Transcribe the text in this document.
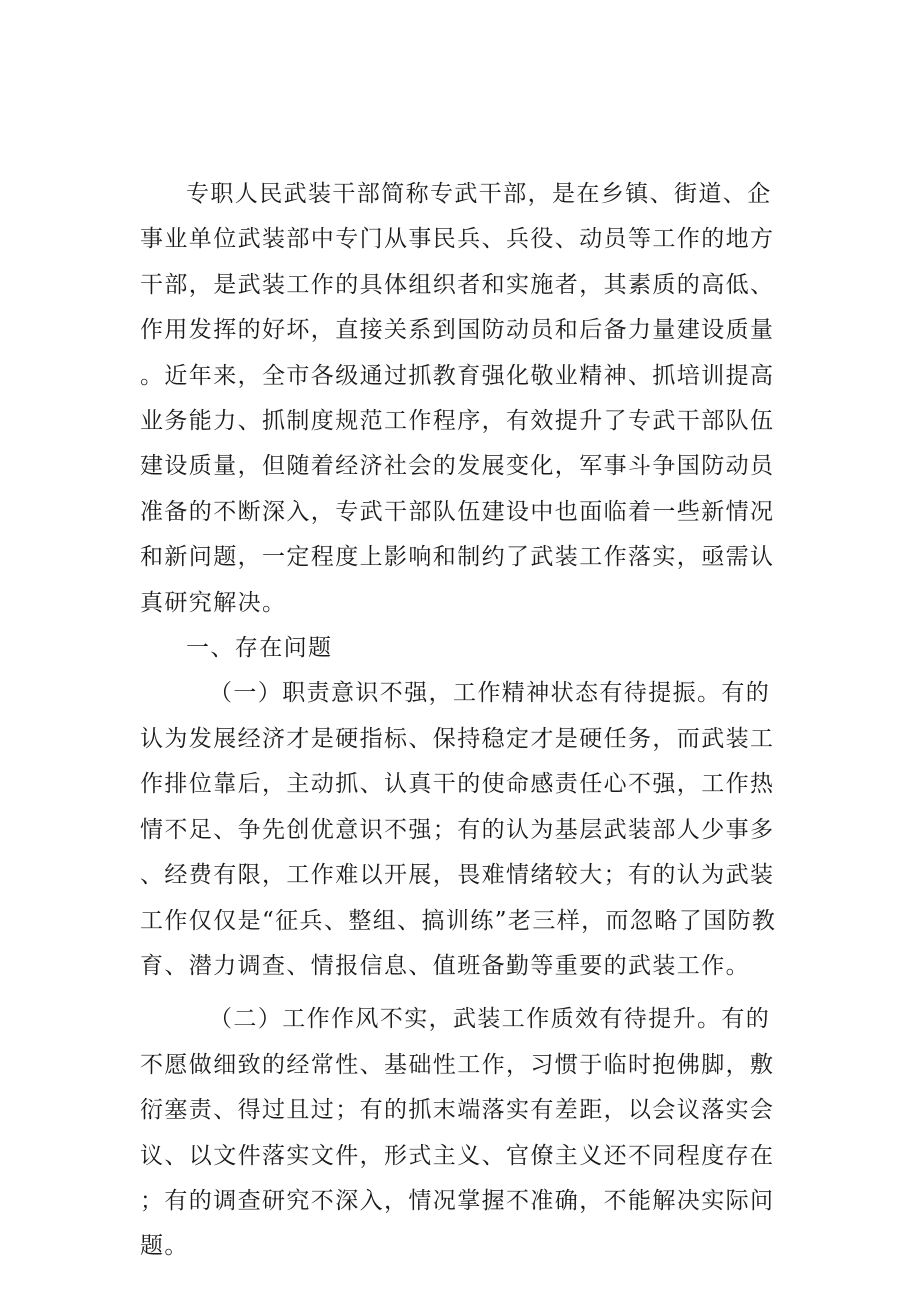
专职人民武装干部简称专武干部，是在乡镇、街道、企事业单位武装部中专门从事民兵、兵役、动员等工作的地方干部，是武装工作的具体组织者和实施者，其素质的高低、作用发挥的好坏，直接关系到国防动员和后备力量建设质量。近年来，全市各级通过抓教育强化敬业精神、抓培训提高业务能力、抓制度规范工作程序，有效提升了专武干部队伍建设质量，但随着经济社会的发展变化，军事斗争国防动员准备的不断深入，专武干部队伍建设中也面临着一些新情况和新问题，一定程度上影响和制约了武装工作落实，亟需认真研究解决。

一、存在问题

（一）职责意识不强，工作精神状态有待提振。有的认为发展经济才是硬指标、保持稳定才是硬任务，而武装工作排位靠后，主动抓、认真干的使命感责任心不强，工作热情不足、争先创优意识不强；有的认为基层武装部人少事多、经费有限，工作难以开展，畏难情绪较大；有的认为武装工作仅仅是“征兵、整组、搞训练”老三样，而忽略了国防教育、潜力调查、情报信息、值班备勤等重要的武装工作。

（二）工作作风不实，武装工作质效有待提升。有的不愿做细致的经常性、基础性工作，习惯于临时抱佛脚，敷衍塞责、得过且过；有的抓末端落实有差距，以会议落实会议、以文件落实文件，形式主义、官僚主义还不同程度存在；有的调查研究不深入，情况掌握不准确，不能解决实际问题。
